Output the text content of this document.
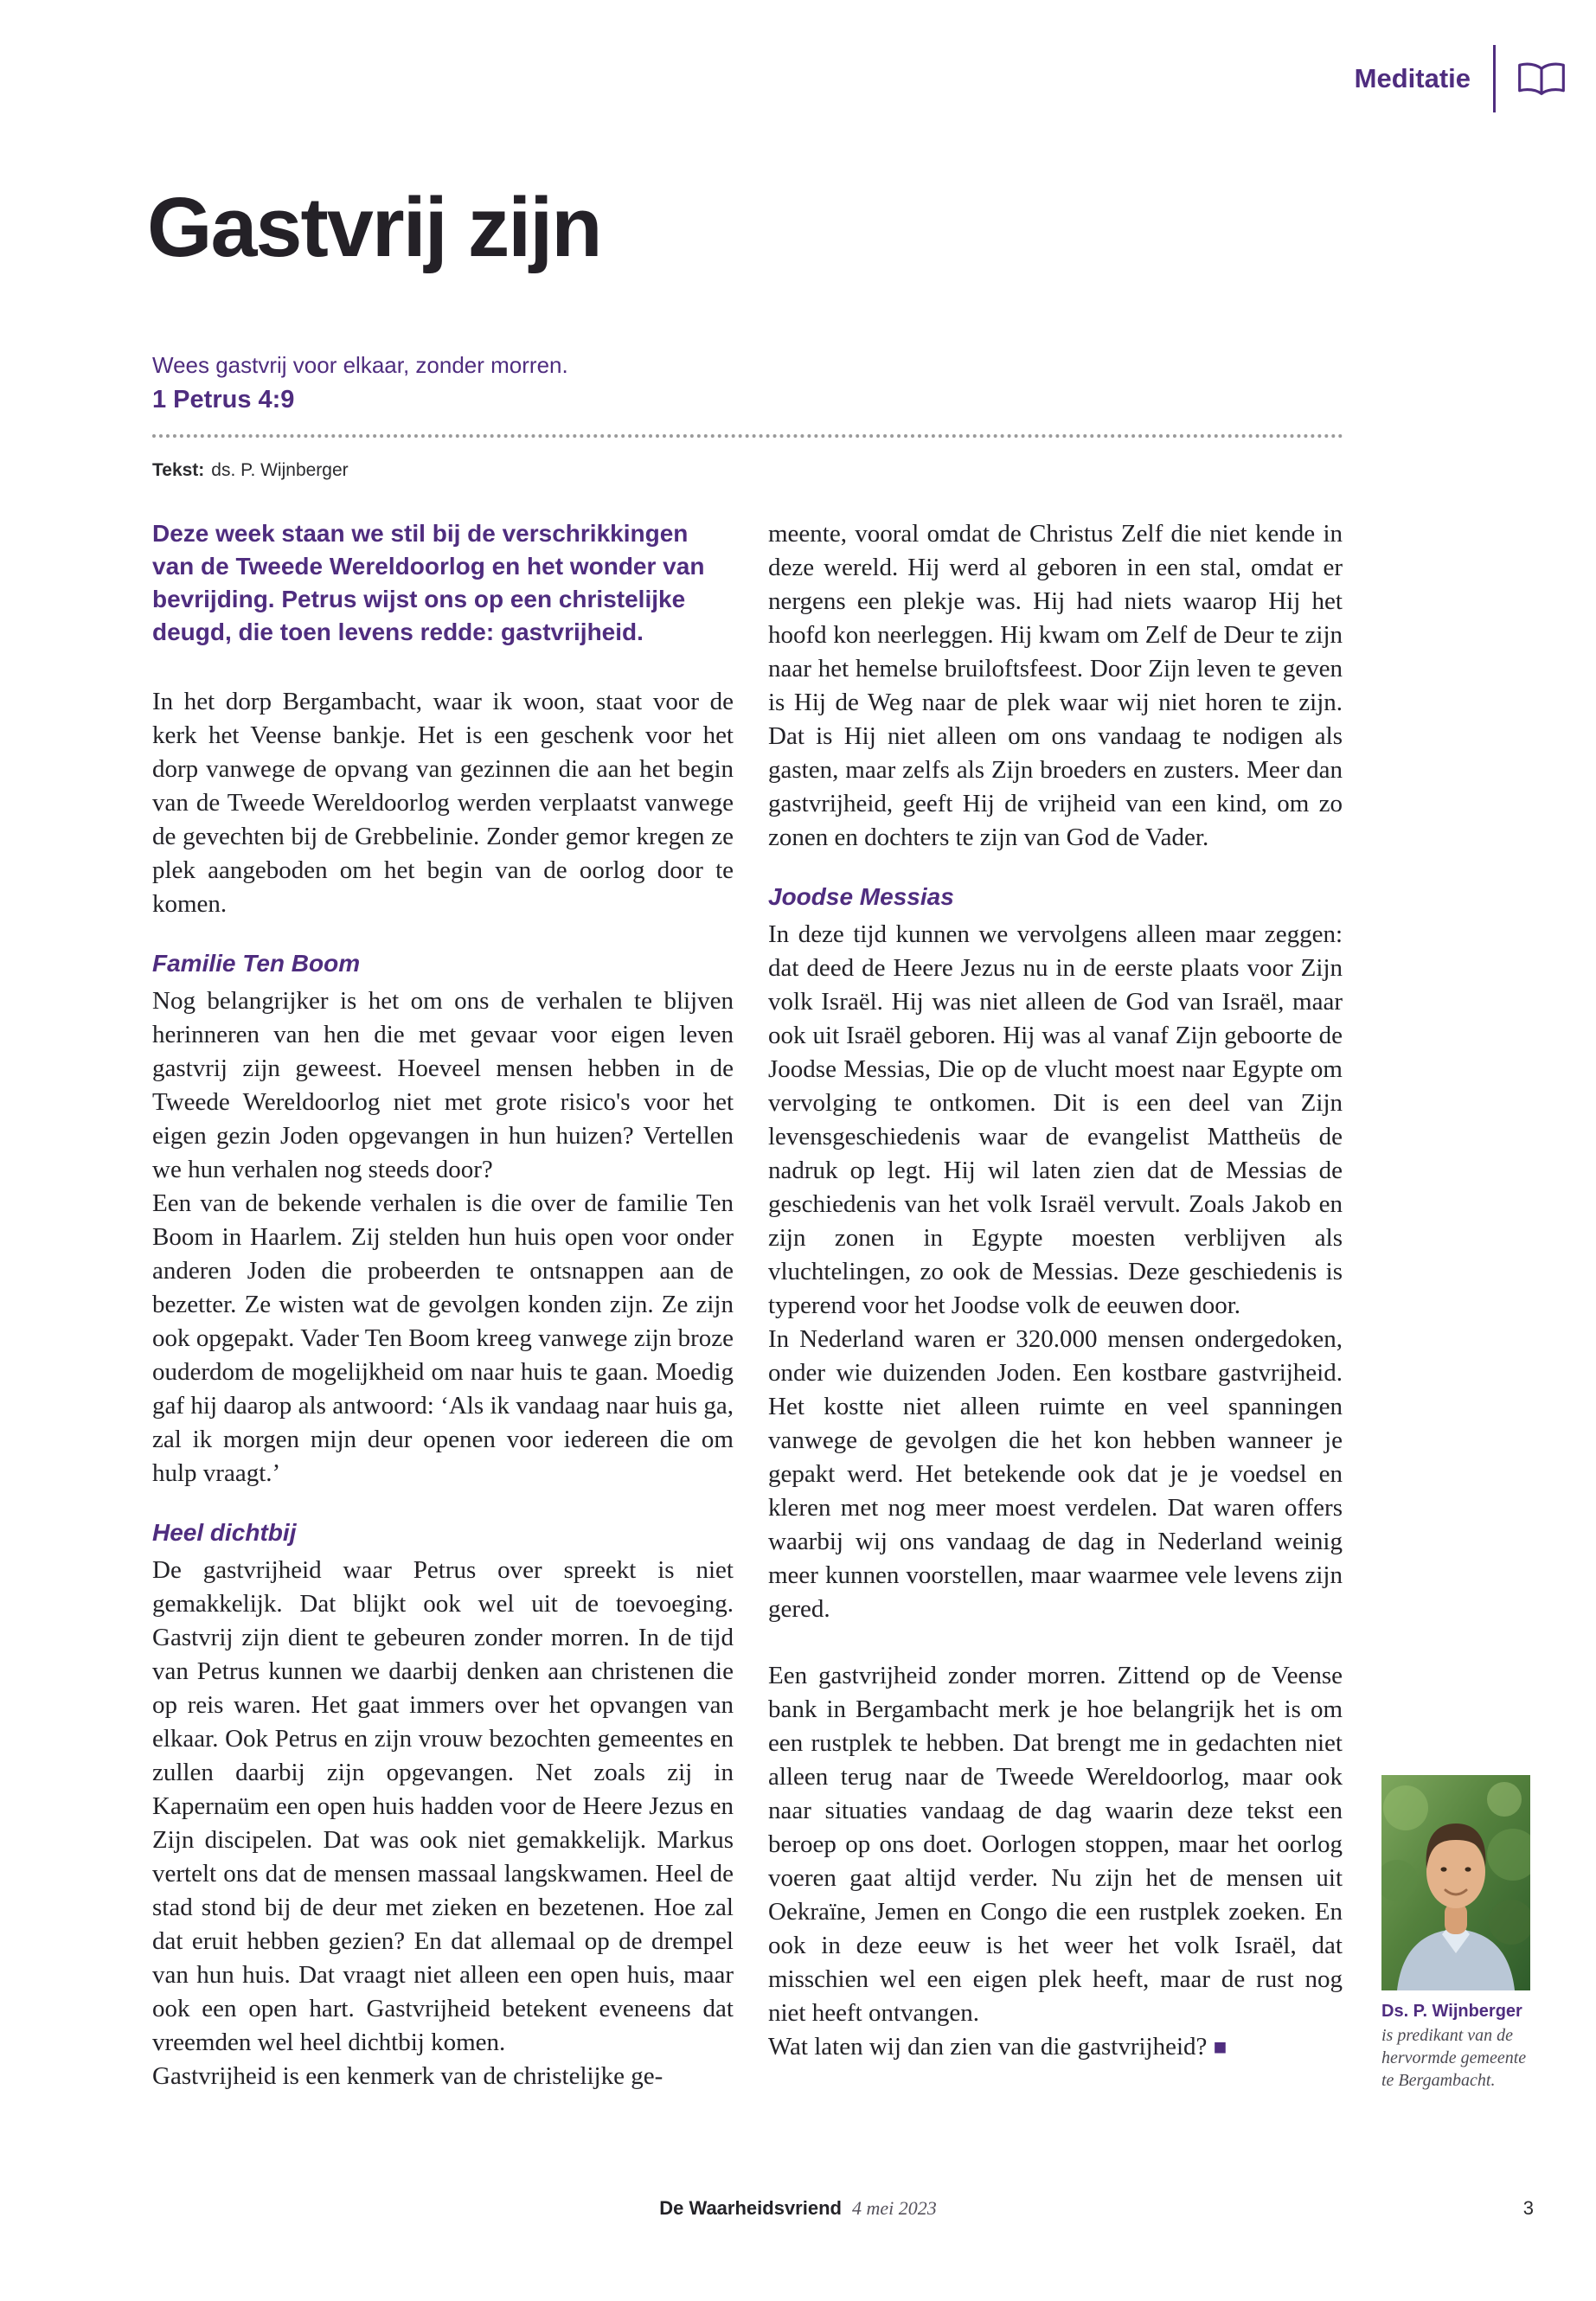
Meditatie
Gastvrij zijn
Wees gastvrij voor elkaar, zonder morren.
1 Petrus 4:9
Tekst: ds. P. Wijnberger

Deze week staan we stil bij de verschrikkingen van de Tweede Wereldoorlog en het wonder van bevrijding. Petrus wijst ons op een christelijke deugd, die toen levens redde: gastvrijheid.

In het dorp Bergambacht, waar ik woon, staat voor de kerk het Veense bankje. Het is een geschenk voor het dorp vanwege de opvang van gezinnen die aan het begin van de Tweede Wereldoorlog werden verplaatst vanwege de gevechten bij de Grebbelinie. Zonder gemor kregen ze plek aangeboden om het begin van de oorlog door te komen.

Familie Ten Boom

Nog belangrijker is het om ons de verhalen te blijven herinneren van hen die met gevaar voor eigen leven gastvrij zijn geweest. Hoeveel mensen hebben in de Tweede Wereldoorlog niet met grote risico's voor het eigen gezin Joden opgevangen in hun huizen? Vertellen we hun verhalen nog steeds door?

Een van de bekende verhalen is die over de familie Ten Boom in Haarlem. Zij stelden hun huis open voor onder anderen Joden die probeerden te ontsnappen aan de bezetter. Ze wisten wat de gevolgen konden zijn. Ze zijn ook opgepakt. Vader Ten Boom kreeg vanwege zijn broze ouderdom de mogelijkheid om naar huis te gaan. Moedig gaf hij daarop als antwoord: ‘Als ik vandaag naar huis ga, zal ik morgen mijn deur openen voor iedereen die om hulp vraagt.’

Heel dichtbij

De gastvrijheid waar Petrus over spreekt is niet gemakkelijk. Dat blijkt ook wel uit de toevoeging. Gastvrij zijn dient te gebeuren zonder morren. In de tijd van Petrus kunnen we daarbij denken aan christenen die op reis waren. Het gaat immers over het opvangen van elkaar. Ook Petrus en zijn vrouw bezochten gemeentes en zullen daarbij zijn opgevangen. Net zoals zij in Kapernaüm een open huis hadden voor de Heere Jezus en Zijn discipelen. Dat was ook niet gemakkelijk. Markus vertelt ons dat de mensen massaal langskwamen. Heel de stad stond bij de deur met zieken en bezetenen. Hoe zal dat eruit hebben gezien? En dat allemaal op de drempel van hun huis. Dat vraagt niet alleen een open huis, maar ook een open hart. Gastvrijheid betekent eveneens dat vreemden wel heel dichtbij komen.

Gastvrijheid is een kenmerk van de christelijke ge-

meente, vooral omdat de Christus Zelf die niet kende in deze wereld. Hij werd al geboren in een stal, omdat er nergens een plekje was. Hij had niets waarop Hij het hoofd kon neerleggen. Hij kwam om Zelf de Deur te zijn naar het hemelse bruiloftsfeest. Door Zijn leven te geven is Hij de Weg naar de plek waar wij niet horen te zijn. Dat is Hij niet alleen om ons vandaag te nodigen als gasten, maar zelfs als Zijn broeders en zusters. Meer dan gastvrijheid, geeft Hij de vrijheid van een kind, om zo zonen en dochters te zijn van God de Vader.

Joodse Messias

In deze tijd kunnen we vervolgens alleen maar zeggen: dat deed de Heere Jezus nu in de eerste plaats voor Zijn volk Israël. Hij was niet alleen de God van Israël, maar ook uit Israël geboren. Hij was al vanaf Zijn geboorte de Joodse Messias, Die op de vlucht moest naar Egypte om vervolging te ontkomen. Dit is een deel van Zijn levensgeschiedenis waar de evangelist Mattheüs de nadruk op legt. Hij wil laten zien dat de Messias de geschiedenis van het volk Israël vervult. Zoals Jakob en zijn zonen in Egypte moesten verblijven als vluchtelingen, zo ook de Messias. Deze geschiedenis is typerend voor het Joodse volk de eeuwen door.

In Nederland waren er 320.000 mensen ondergedoken, onder wie duizenden Joden. Een kostbare gastvrijheid. Het kostte niet alleen ruimte en veel spanningen vanwege de gevolgen die het kon hebben wanneer je gepakt werd. Het betekende ook dat je je voedsel en kleren met nog meer moest verdelen. Dat waren offers waarbij wij ons vandaag de dag in Nederland weinig meer kunnen voorstellen, maar waarmee vele levens zijn gered.

Een gastvrijheid zonder morren. Zittend op de Veense bank in Bergambacht merk je hoe belangrijk het is om een rustplek te hebben. Dat brengt me in gedachten niet alleen terug naar de Tweede Wereldoorlog, maar ook naar situaties vandaag de dag waarin deze tekst een beroep op ons doet. Oorlogen stoppen, maar het oorlog voeren gaat altijd verder. Nu zijn het de mensen uit Oekraïne, Jemen en Congo die een rustplek zoeken. En ook in deze eeuw is het weer het volk Israël, dat misschien wel een eigen plek heeft, maar de rust nog niet heeft ontvangen.

Wat laten wij dan zien van die gastvrijheid? ■

Ds. P. Wijnberger
is predikant van de hervormde gemeente te Bergambacht.
De Waarheidsvriend 4 mei 2023	3
